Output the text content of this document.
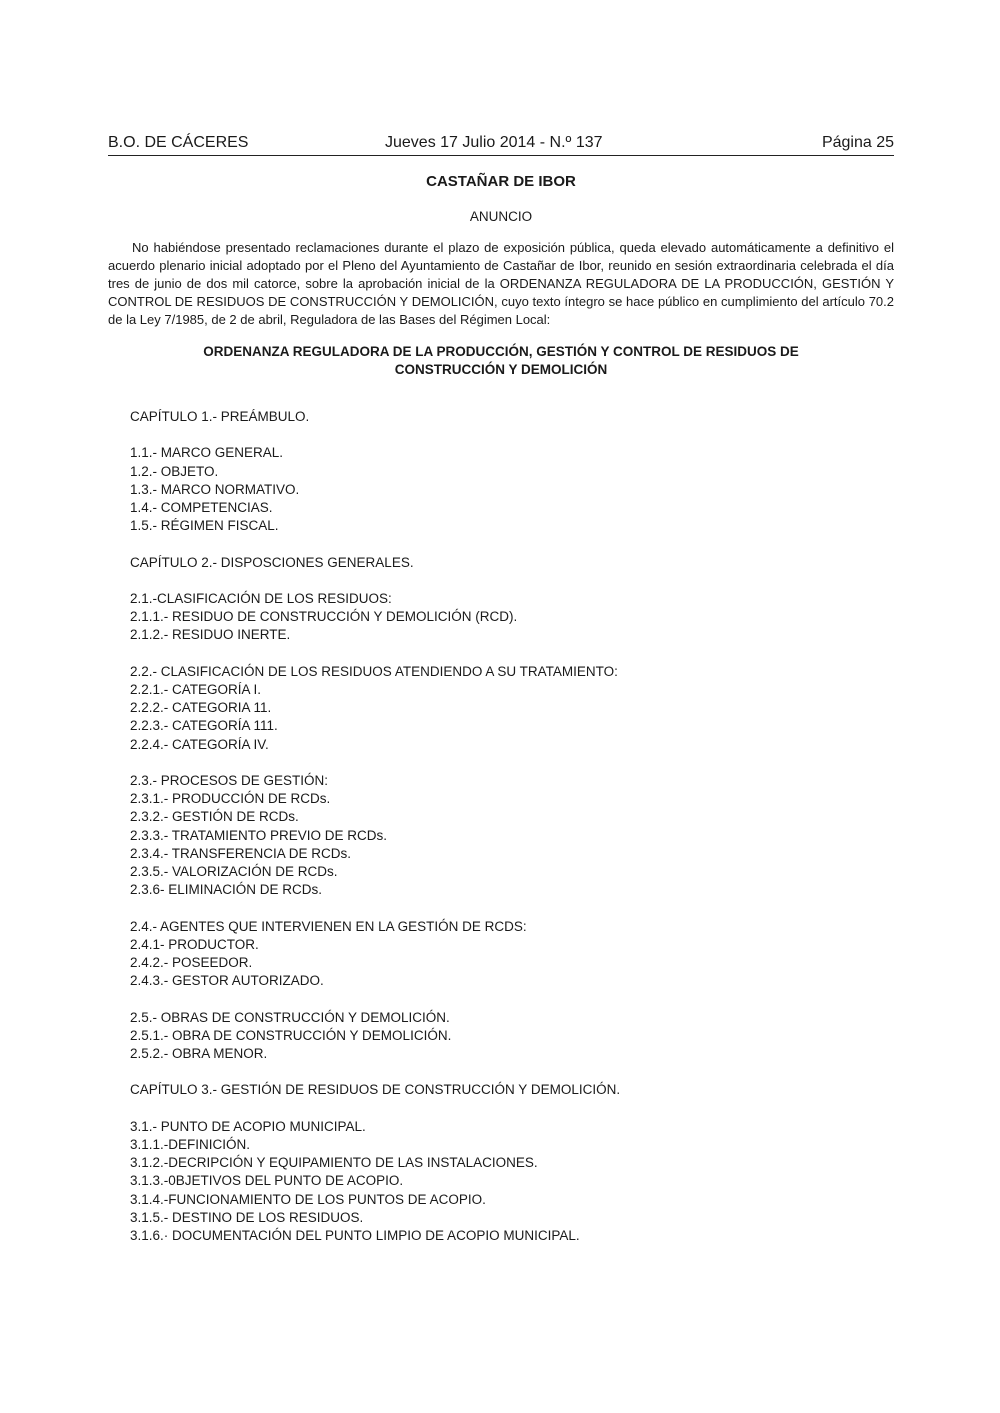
B.O. DE CÁCERES	Jueves 17 Julio 2014 - N.º 137	Página 25
CASTAÑAR DE IBOR
ANUNCIO

No habiéndose presentado reclamaciones durante el plazo de exposición pública, queda elevado automáticamente a definitivo el acuerdo plenario inicial adoptado por el Pleno del Ayuntamiento de Castañar de Ibor, reunido en sesión extraordinaria celebrada el día tres de junio de dos mil catorce, sobre la aprobación inicial de la ORDENANZA REGULADORA DE LA PRODUCCIÓN, GESTIÓN Y CONTROL DE RESIDUOS DE CONSTRUCCIÓN Y DEMOLICIÓN, cuyo texto íntegro se hace público en cumplimiento del artículo 70.2 de la Ley 7/1985, de 2 de abril, Reguladora de las Bases del Régimen Local:

ORDENANZA REGULADORA DE LA PRODUCCIÓN, GESTIÓN Y CONTROL DE RESIDUOS DE
CONSTRUCCIÓN Y DEMOLICIÓN
CAPÍTULO 1.- PREÁMBULO.
1.1.- MARCO GENERAL.
1.2.- OBJETO.
1.3.- MARCO NORMATIVO.
1.4.- COMPETENCIAS.
1.5.- RÉGIMEN FISCAL.
CAPÍTULO 2.- DISPOSCIONES GENERALES.
2.1.-CLASIFICACIÓN DE LOS RESIDUOS:
2.1.1.- RESIDUO DE CONSTRUCCIÓN Y DEMOLICIÓN (RCD).
2.1.2.- RESIDUO INERTE.
2.2.- CLASIFICACIÓN DE LOS RESIDUOS ATENDIENDO A SU TRATAMIENTO:
2.2.1.- CATEGORÍA I.
2.2.2.- CATEGORIA 11.
2.2.3.- CATEGORÍA 111.
2.2.4.- CATEGORÍA IV.
2.3.- PROCESOS DE GESTIÓN:
2.3.1.- PRODUCCIÓN DE RCDs.
2.3.2.- GESTIÓN DE RCDs.
2.3.3.- TRATAMIENTO PREVIO DE RCDs.
2.3.4.- TRANSFERENCIA DE RCDs.
2.3.5.- VALORIZACIÓN DE RCDs.
2.3.6- ELIMINACIÓN DE RCDs.
2.4.- AGENTES QUE INTERVIENEN EN LA GESTIÓN DE RCDS:
2.4.1- PRODUCTOR.
2.4.2.- POSEEDOR.
2.4.3.- GESTOR AUTORIZADO.
2.5.- OBRAS DE CONSTRUCCIÓN Y DEMOLICIÓN.
2.5.1.- OBRA DE CONSTRUCCIÓN Y DEMOLICIÓN.
2.5.2.- OBRA MENOR.
CAPÍTULO 3.- GESTIÓN DE RESIDUOS DE CONSTRUCCIÓN Y DEMOLICIÓN.
3.1.- PUNTO DE ACOPIO MUNICIPAL.
3.1.1.-DEFINICIÓN.
3.1.2.-DECRIPCIÓN Y EQUIPAMIENTO DE LAS INSTALACIONES.
3.1.3.-0BJETIVOS DEL PUNTO DE ACOPIO.
3.1.4.-FUNCIONAMIENTO DE LOS PUNTOS DE ACOPIO.
3.1.5.- DESTINO DE LOS RESIDUOS.
3.1.6.· DOCUMENTACIÓN DEL PUNTO LIMPIO DE ACOPIO MUNICIPAL.
